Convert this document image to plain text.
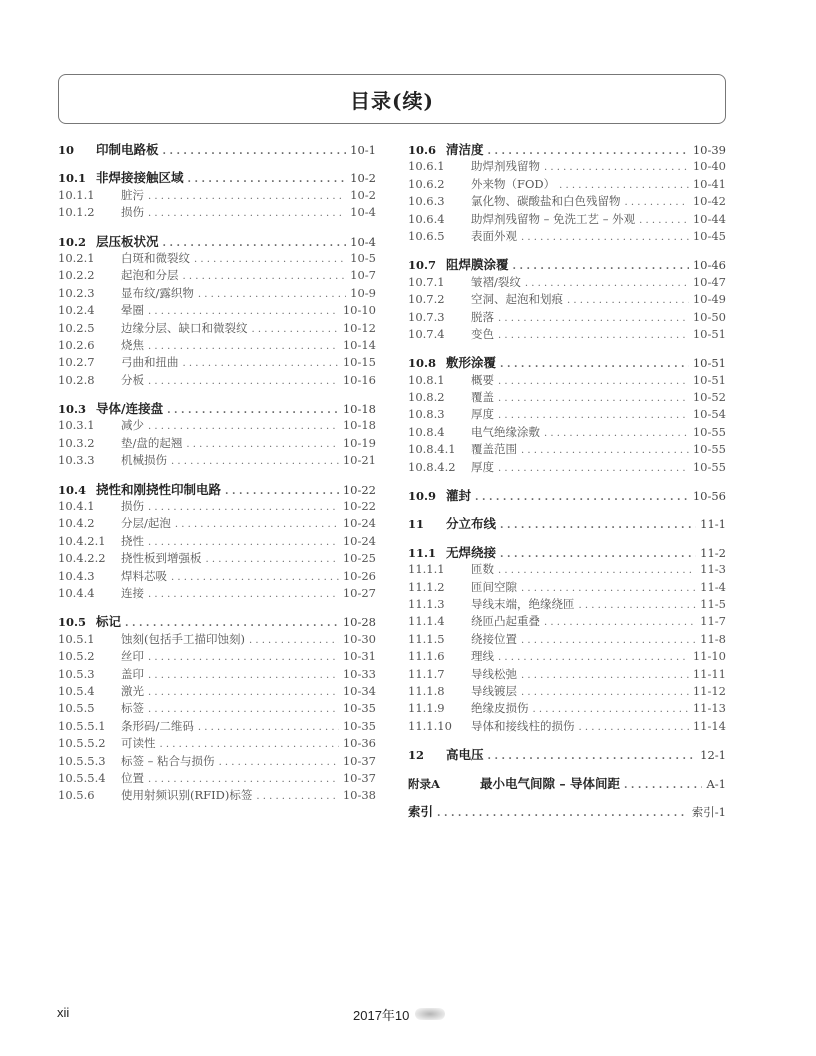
目录(续)
10	印制电路板 . . .	10-1
10.1 非焊接接触区域 . . .	10-2
10.1.1	脏污 . . .	10-2
10.1.2	损伤 . . .	10-4
10.2 层压板状况 . . .	10-4
10.2.1	白斑和微裂纹 . . .	10-5
10.2.2	起泡和分层 . . .	10-7
10.2.3	显布纹/露织物 . . .	10-9
10.2.4	晕圈 . . .	10-10
10.2.5	边缘分层、缺口和微裂纹 . . .	10-12
10.2.6	烧焦 . . .	10-14
10.2.7	弓曲和扭曲 . . .	10-15
10.2.8	分板 . . .	10-16
10.3 导体/连接盘 . . .	10-18
10.3.1	减少 . . .	10-18
10.3.2	垫/盘的起翘 . . .	10-19
10.3.3	机械损伤 . . .	10-21
10.4 挠性和刚挠性印制电路 . . .	10-22
10.4.1	损伤 . . .	10-22
10.4.2	分层/起泡 . . .	10-24
10.4.2.1	挠性 . . .	10-24
10.4.2.2	挠性板到增强板 . . .	10-25
10.4.3	焊料芯吸 . . .	10-26
10.4.4	连接 . . .	10-27
10.5 标记 . . .	10-28
10.5.1	蚀刻(包括手工描印蚀刻) . . .	10-30
10.5.2	丝印 . . .	10-31
10.5.3	盖印 . . .	10-33
10.5.4	激光 . . .	10-34
10.5.5	标签 . . .	10-35
10.5.5.1	条形码/二维码 . . .	10-35
10.5.5.2	可读性 . . .	10-36
10.5.5.3	标签 – 粘合与损伤 . . .	10-37
10.5.5.4	位置 . . .	10-37
10.5.6	使用射频识别(RFID)标签 . . .	10-38
10.6 清洁度 . . .	10-39
10.6.1	助焊剂残留物 . . .	10-40
10.6.2	外来物（FOD） . . .	10-41
10.6.3	氯化物、碳酸盐和白色残留物 . . .	10-42
10.6.4	助焊剂残留物 – 免洗工艺 – 外观 . . .	10-44
10.6.5	表面外观 . . .	10-45
10.7 阻焊膜涂覆 . . .	10-46
10.7.1	皱褶/裂纹 . . .	10-47
10.7.2	空洞、起泡和划痕 . . .	10-49
10.7.3	脱落 . . .	10-50
10.7.4	变色 . . .	10-51
10.8 敷形涂覆 . . .	10-51
10.8.1	概要 . . .	10-51
10.8.2	覆盖 . . .	10-52
10.8.3	厚度 . . .	10-54
10.8.4	电气绝缘涂敷 . . .	10-55
10.8.4.1	覆盖范围 . . .	10-55
10.8.4.2	厚度 . . .	10-55
10.9 灌封 . . .	10-56
11	分立布线 . . .	11-1
11.1 无焊绕接 . . .	11-2
11.1.1	匝数 . . .	11-3
11.1.2	匝间空隙 . . .	11-4
11.1.3	导线末端，绝缘绕匝 . . .	11-5
11.1.4	绕匝凸起重叠 . . .	11-7
11.1.5	绕接位置 . . .	11-8
11.1.6	理线 . . .	11-10
11.1.7	导线松弛 . . .	11-11
11.1.8	导线镀层 . . .	11-12
11.1.9	绝缘皮损伤 . . .	11-13
11.1.10	导体和接线柱的损伤 . . .	11-14
12	高电压 . . .	12-1
附录A	最小电气间隙 – 导体间距 . . .	A-1
索引 . . .	索引-1
xii	2017年10
